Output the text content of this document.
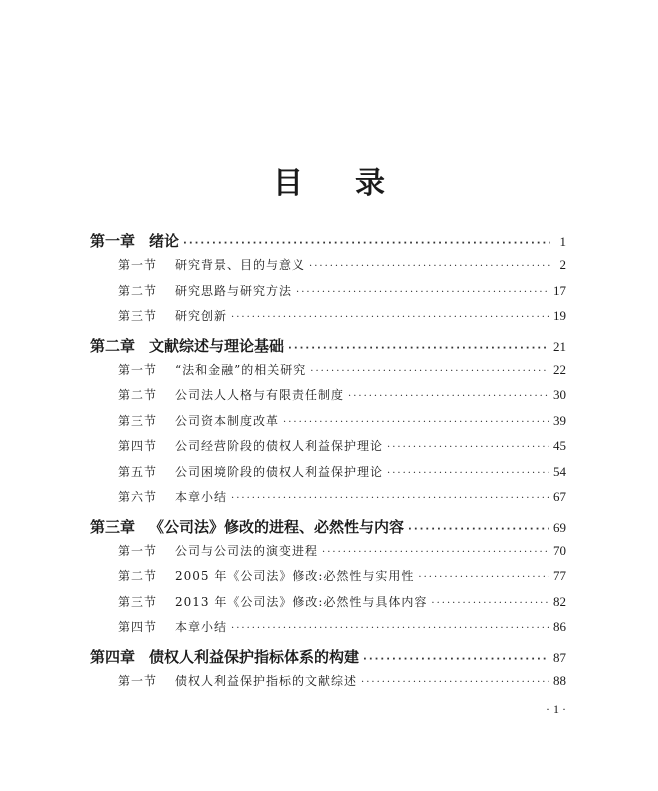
目 录
第一章 绪论 ·····	1
第一节 研究背景、目的与意义 ·····	2
第二节 研究思路与研究方法 ·····	17
第三节 研究创新 ·····	19
第二章 文献综述与理论基础 ·····	21
第一节 “法和金融”的相关研究 ·····	22
第二节 公司法人人格与有限责任制度 ·····	30
第三节 公司资本制度改革 ·····	39
第四节 公司经营阶段的债权人利益保护理论 ·····	45
第五节 公司困境阶段的债权人利益保护理论 ·····	54
第六节 本章小结 ·····	67
第三章 《公司法》修改的进程、必然性与内容 ·····	69
第一节 公司与公司法的演变进程 ·····	70
第二节 2005 年《公司法》修改:必然性与实用性 ·····	77
第三节 2013 年《公司法》修改:必然性与具体内容 ·····	82
第四节 本章小结 ·····	86
第四章 债权人利益保护指标体系的构建 ·····	87
第一节 债权人利益保护指标的文献综述 ·····	88
· 1 ·
